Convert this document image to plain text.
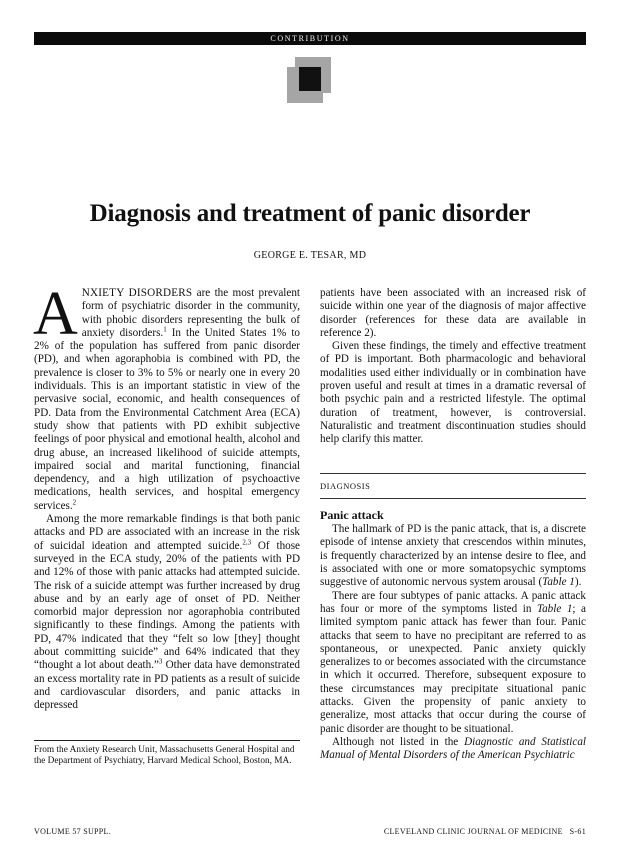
CONTRIBUTION
Diagnosis and treatment of panic disorder
GEORGE E. TESAR, MD

ANXIETY DISORDERS are the most prevalent form of psychiatric disorder in the community, with phobic disorders representing the bulk of anxiety disorders.$^1$ In the United States 1% to 2% of the population has suffered from panic disorder (PD), and when agoraphobia is combined with PD, the prevalence is closer to 3% to 5% or nearly one in every 20 individuals. This is an important statistic in view of the pervasive social, economic, and health consequences of PD. Data from the Environmental Catchment Area (ECA) study show that patients with PD exhibit subjective feelings of poor physical and emotional health, alcohol and drug abuse, an increased likelihood of suicide attempts, impaired social and marital functioning, financial dependency, and a high utilization of psychoactive medications, health services, and hospital emergency services.$^2$

Among the more remarkable findings is that both panic attacks and PD are associated with an increase in the risk of suicidal ideation and attempted suicide.$^{2,3}$ Of those surveyed in the ECA study, 20% of the patients with PD and 12% of those with panic attacks had attempted suicide. The risk of a suicide attempt was further increased by drug abuse and by an early age of onset of PD. Neither comorbid major depression nor agoraphobia contributed significantly to these findings. Among the patients with PD, 47% indicated that they “felt so low [they] thought about committing suicide” and 64% indicated that they “thought a lot about death.”$^3$ Other data have demonstrated an excess mortality rate in PD patients as a result of suicide and cardiovascular disorders, and panic attacks in depressed

From the Anxiety Research Unit, Massachusetts General Hospital and the Department of Psychiatry, Harvard Medical School, Boston, MA.

patients have been associated with an increased risk of suicide within one year of the diagnosis of major affective disorder (references for these data are available in reference 2).

Given these findings, the timely and effective treatment of PD is important. Both pharmacologic and behavioral modalities used either individually or in combination have proven useful and result at times in a dramatic reversal of both psychic pain and a restricted lifestyle. The optimal duration of treatment, however, is controversial. Naturalistic and treatment discontinuation studies should help clarify this matter.

DIAGNOSIS
Panic attack

The hallmark of PD is the panic attack, that is, a discrete episode of intense anxiety that crescendos within minutes, is frequently characterized by an intense desire to flee, and is associated with one or more somatopsychic symptoms suggestive of autonomic nervous system arousal (Table 1).

There are four subtypes of panic attacks. A panic attack has four or more of the symptoms listed in Table 1; a limited symptom panic attack has fewer than four. Panic attacks that seem to have no precipitant are referred to as spontaneous, or unexpected. Panic anxiety quickly generalizes to or becomes associated with the circumstance in which it occurred. Therefore, subsequent exposure to these circumstances may precipitate situational panic attacks. Given the propensity of panic anxiety to generalize, most attacks that occur during the course of panic disorder are thought to be situational.

Although not listed in the Diagnostic and Statistical Manual of Mental Disorders of the American Psychiatric

VOLUME 57 SUPPL.	CLEVELAND CLINIC JOURNAL OF MEDICINE   S-61
